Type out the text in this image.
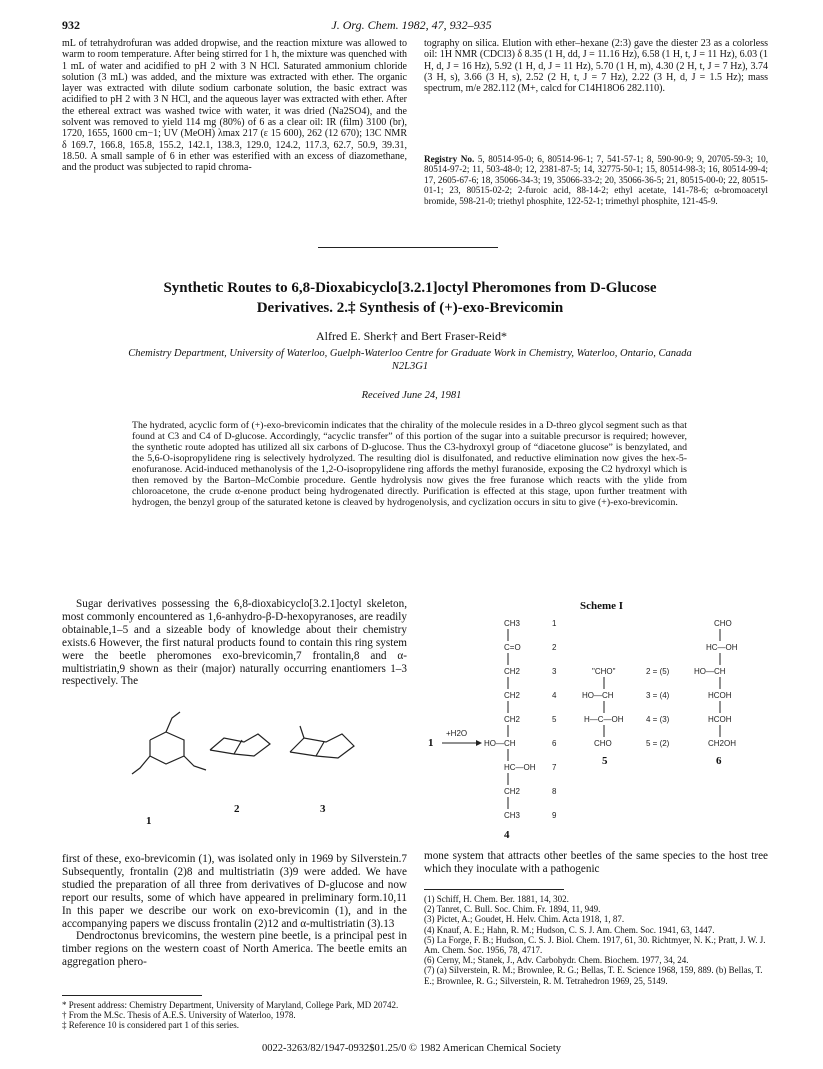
932	J. Org. Chem. 1982, 47, 932–935
mL of tetrahydrofuran was added dropwise, and the reaction mixture was allowed to warm to room temperature. After being stirred for 1 h, the mixture was quenched with 1 mL of water and acidified to pH 2 with 3 N HCl. Saturated ammonium chloride solution (3 mL) was added, and the mixture was extracted with ether. The organic layer was extracted with dilute sodium carbonate solution, the basic extract was acidified to pH 2 with 3 N HCl, and the aqueous layer was extracted with ether. After the ethereal extract was washed twice with water, it was dried (Na2SO4), and the solvent was removed to yield 114 mg (80%) of 6 as a clear oil: IR (film) 3100 (br), 1720, 1655, 1600 cm−1; UV (MeOH) λmax 217 (ε 15 600), 262 (12 670); 13C NMR δ 169.7, 166.8, 165.8, 155.2, 142.1, 138.3, 129.0, 124.2, 117.3, 62.7, 50.9, 39.31, 18.50. A small sample of 6 in ether was esterified with an excess of diazomethane, and the product was subjected to rapid chroma-
tography on silica. Elution with ether–hexane (2:3) gave the diester 23 as a colorless oil: 1H NMR (CDCl3) δ 8.35 (1 H, dd, J = 11.16 Hz), 6.58 (1 H, t, J = 11 Hz), 6.03 (1 H, d, J = 16 Hz), 5.92 (1 H, d, J = 11 Hz), 5.70 (1 H, m), 4.30 (2 H, t, J = 7 Hz), 3.74 (3 H, s), 3.66 (3 H, s), 2.52 (2 H, t, J = 7 Hz), 2.22 (3 H, d, J = 1.5 Hz); mass spectrum, m/e 282.112 (M+, calcd for C14H18O6 282.110).
Registry No. 5, 80514-95-0; 6, 80514-96-1; 7, 541-57-1; 8, 590-90-9; 9, 20705-59-3; 10, 80514-97-2; 11, 503-48-0; 12, 2381-87-5; 14, 32775-50-1; 15, 80514-98-3; 16, 80514-99-4; 17, 2605-67-6; 18, 35066-34-3; 19, 35066-33-2; 20, 35066-36-5; 21, 80515-00-0; 22, 80515-01-1; 23, 80515-02-2; 2-furoic acid, 88-14-2; ethyl acetate, 141-78-6; α-bromoacetyl bromide, 598-21-0; triethyl phosphite, 122-52-1; trimethyl phosphite, 121-45-9.
Synthetic Routes to 6,8-Dioxabicyclo[3.2.1]octyl Pheromones from D-Glucose
Derivatives. 2.‡ Synthesis of (+)-exo-Brevicomin
Alfred E. Sherk† and Bert Fraser-Reid*
Chemistry Department, University of Waterloo, Guelph-Waterloo Centre for Graduate Work in Chemistry, Waterloo, Ontario, Canada N2L3G1
Received June 24, 1981
The hydrated, acyclic form of (+)-exo-brevicomin indicates that the chirality of the molecule resides in a D-threo glycol segment such as that found at C3 and C4 of D-glucose. Accordingly, “acyclic transfer” of this portion of the sugar into a suitable precursor is required; however, the synthetic route adopted has utilized all six carbons of D-glucose. Thus the C3-hydroxyl group of “diacetone glucose” is benzylated, and the 5,6-O-isopropylidene ring is selectively hydrolyzed. The resulting diol is disulfonated, and reductive elimination now gives the hex-5-enofuranose. Acid-induced methanolysis of the 1,2-O-isopropylidene ring affords the methyl furanoside, exposing the C2 hydroxyl which is then removed by the Barton–McCombie procedure. Gentle hydrolysis now gives the free furanose which reacts with the ylide from chloroacetone, the crude α-enone product being hydrogenated directly. Purification is effected at this stage, upon further treatment with hydrogen, the benzyl group of the saturated ketone is cleaved by hydrogenolysis, and cyclization occurs in situ to give (+)-exo-brevicomin.
Sugar derivatives possessing the 6,8-dioxabicyclo[3.2.1]octyl skeleton, most commonly encountered as 1,6-anhydro-β-D-hexopyranoses, are readily obtainable,1–5 and a sizeable body of knowledge about their chemistry exists.6 However, the first natural products found to contain this ring system were the beetle pheromones exo-brevicomin,7 frontalin,8 and α-multistriatin,9 shown as their (major) naturally occurring enantiomers 1–3 respectively. The
1
2	3

first of these, exo-brevicomin (1), was isolated only in 1969 by Silverstein.7 Subsequently, frontalin (2)8 and multistriatin (3)9 were added. We have studied the preparation of all three from derivatives of D-glucose and now report our results, some of which have appeared in preliminary form.10,11 In this paper we describe our work on exo-brevicomin (1), and in the accompanying papers we discuss frontalin (2)12 and α-multistriatin (3).13

Dendroctonus brevicomins, the western pine beetle, is a principal pest in timber regions on the western coast of North America. The beetle emits an aggregation phero-

* Present address: Chemistry Department, University of Maryland, College Park, MD 20742.
† From the M.Sc. Thesis of A.E.S. University of Waterloo, 1978.
‡ Reference 10 is considered part 1 of this series.
Scheme I
CH3
C=O
CH2
CH2
CH2
HO—CH
HC—OH
CH2
CH3
1
2
3
4
5
6
7
8
9
4
1
+H2O
"CHO"
HO—CH
H—C—OH
CHO
2 = (5)
3 = (4)
4 = (3)
5 = (2)
5
CHO
HC—OH
HO—CH
HCOH
HCOH
CH2OH
6
mone system that attracts other beetles of the same species to the host tree which they inoculate with a pathogenic
(1) Schiff, H. Chem. Ber. 1881, 14, 302.
(2) Tanret, C. Bull. Soc. Chim. Fr. 1894, 11, 949.
(3) Pictet, A.; Goudet, H. Helv. Chim. Acta 1918, 1, 87.
(4) Knauf, A. E.; Hahn, R. M.; Hudson, C. S. J. Am. Chem. Soc. 1941, 63, 1447.
(5) La Forge, F. B.; Hudson, C. S. J. Biol. Chem. 1917, 61, 30. Richtmyer, N. K.; Pratt, J. W. J. Am. Chem. Soc. 1956, 78, 4717.
(6) Cerny, M.; Stanek, J., Adv. Carbohydr. Chem. Biochem. 1977, 34, 24.
(7) (a) Silverstein, R. M.; Brownlee, R. G.; Bellas, T. E. Science 1968, 159, 889. (b) Bellas, T. E.; Brownlee, R. G.; Silverstein, R. M. Tetrahedron 1969, 25, 5149.
0022-3263/82/1947-0932$01.25/0 © 1982 American Chemical Society
